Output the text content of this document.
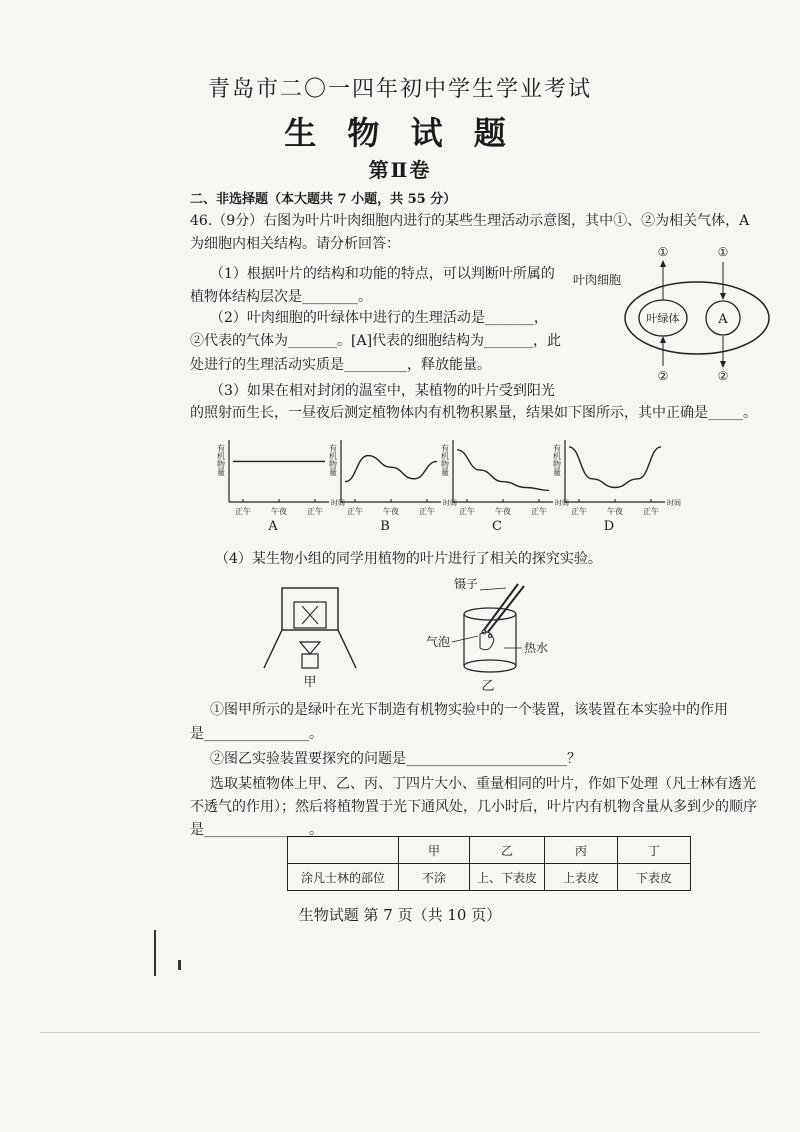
青岛市二〇一四年初中学生学业考试
生 物 试 题
第Ⅱ卷
二、非选择题（本大题共 7 小题，共 55 分）
46.（9分）右图为叶片叶肉细胞内进行的某些生理活动示意图，其中①、②为相关气体，A
为细胞内相关结构。请分析回答：
（1）根据叶片的结构和功能的特点，可以判断叶所属的
植物体结构层次是________。
（2）叶肉细胞的叶绿体中进行的生理活动是_______，
②代表的气体为_______。[A]代表的细胞结构为_______，此
处进行的生理活动实质是_________，释放能量。
（3）如果在相对封闭的温室中，某植物的叶片受到阳光
的照射而生长，一昼夜后测定植物体内有机物积累量，结果如下图所示，其中正确是_____。
叶肉细胞
叶绿体	A
①
②
①
②
有机物量
时间
正午	午夜	正午
A
有机物量
时间
正午	午夜	正午
B
有机物量
时间
正午	午夜	正午
C
有机物量
时间
正午	午夜	正午
D
（4）某生物小组的同学用植物的叶片进行了相关的探究实验。
甲
镊子
气泡	热水
乙
①图甲所示的是绿叶在光下制造有机物实验中的一个装置，该装置在本实验中的作用
是_______________。
②图乙实验装置要探究的问题是_______________________？
选取某植物体上甲、乙、丙、丁四片大小、重量相同的叶片，作如下处理（凡士林有透光
不透气的作用）；然后将植物置于光下通风处，几小时后，叶片内有机物含量从多到少的顺序
是_______________。
	甲	乙	丙	丁
涂凡士林的部位	不涂	上、下表皮	上表皮	下表皮
生物试题 第 7 页（共 10 页）
